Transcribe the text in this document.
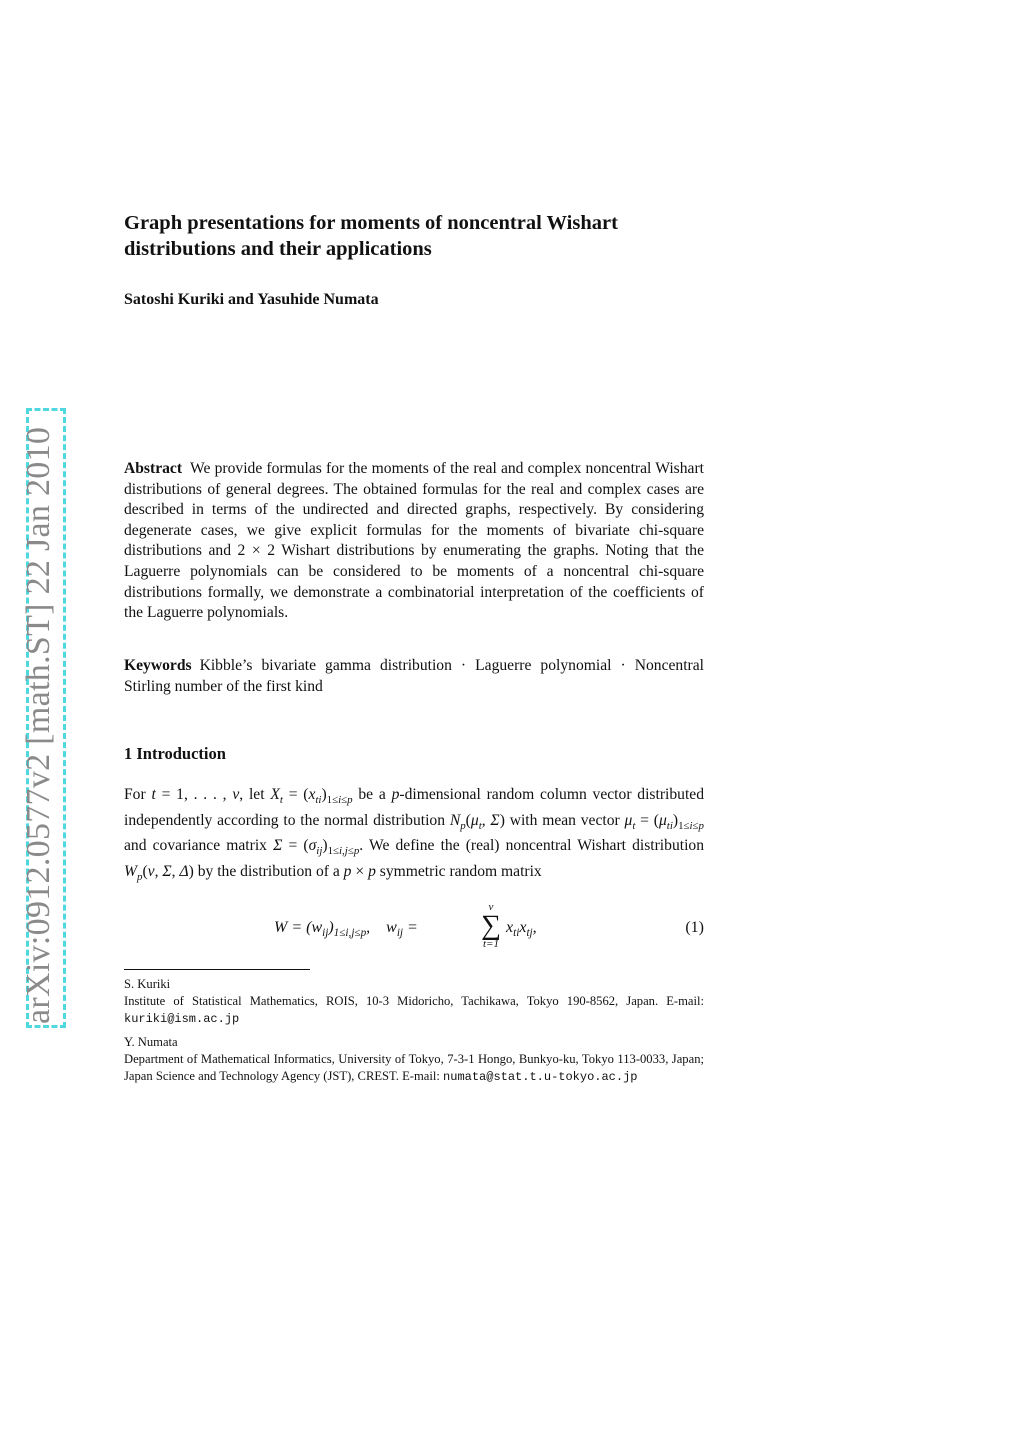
arXiv:0912.0577v2 [math.ST] 22 Jan 2010
Graph presentations for moments of noncentral Wishart
distributions and their applications
Satoshi Kuriki and Yasuhide Numata
Abstract We provide formulas for the moments of the real and complex noncentral Wishart distributions of general degrees. The obtained formulas for the real and complex cases are described in terms of the undirected and directed graphs, respectively. By considering degenerate cases, we give explicit formulas for the moments of bivariate chi-square distributions and 2 × 2 Wishart distributions by enumerating the graphs. Noting that the Laguerre polynomials can be considered to be moments of a noncentral chi-square distributions formally, we demonstrate a combinatorial interpretation of the coefficients of the Laguerre polynomials.
Keywords Kibble’s bivariate gamma distribution · Laguerre polynomial · Noncentral Stirling number of the first kind
1 Introduction
For t = 1, . . . , ν, let $X_t = (x_{ti})_{1\le i\le p}$ be a p-dimensional random column vector distributed independently according to the normal distribution $N_p(\mu_t$, Σ) with mean vector $\mu_t = (\mu_{ti})_{1\le i\le p}$ and covariance matrix $\Sigma = (\sigma_{ij})_{1\le i,j\le p}$. We define the (real) noncentral Wishart distribution $W_p(\nu$, Σ, Δ) by the distribution of a p × p symmetric random matrix
$W = (w_{ij})_{1\le i,j\le p}$,    $w_{ij}$ =
ν
∑
t=1
$x_{ti}x_{tj}$,	(1)
S. Kuriki
Institute of Statistical Mathematics, ROIS, 10-3 Midoricho, Tachikawa, Tokyo 190-8562, Japan. E-mail: kuriki@ism.ac.jp
Y. Numata
Department of Mathematical Informatics, University of Tokyo, 7-3-1 Hongo, Bunkyo-ku, Tokyo 113-0033, Japan; Japan Science and Technology Agency (JST), CREST. E-mail: numata@stat.t.u-tokyo.ac.jp
